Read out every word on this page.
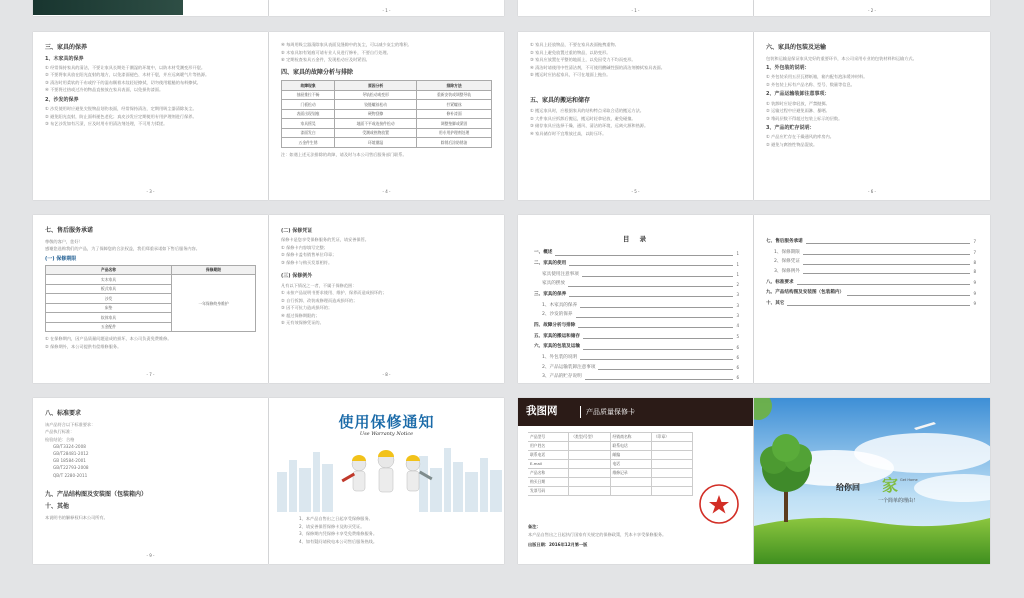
- 1 -	- 1 -	- 2 -
三、家具的保养
1、木家具的保养
① 经常保持家具的清洁，不要让家具长期处于潮湿的环境中，以防木材受潮变形开裂。
② 不要将家具放在阳光直射的地方，以免漆面褪色、木材干裂，并应远离暖气片等热源。
③ 清洁时用柔软的干布或拧干的湿布顺着木纹轻轻擦拭，切勿使用粗糙的布料擦拭。
④ 不要将过热或过冷的物品直接放在家具表面，以免损伤漆面。
2、沙发的保养
① 沙发使用时应避免尖锐物品划伤表面，经常保持清洁，定期用吸尘器清除灰尘。
② 避免阳光直射，防止面料褪色老化；真皮沙发应定期使用专用护理剂进行保养。
③ 布艺沙发如有污渍，应及时用专用清洁剂处理，不可用力揉搓。
- 3 -
④ 每周用吸尘器清除家具表面及缝隙中的灰尘，可以减少灰尘的堆积。
⑤ 木家具如有划痕可请专业人员进行修补，不要自行处理。
⑥ 定期检查家具五金件，发现松动应及时紧固。
四、家具的故障分析与排除
故障现象	原因分析	排除方法
抽屉推拉不畅	导轨松动或变形	重新安装或调整导轨
门板松动	铰链螺丝松动	拧紧螺丝
表面出现划痕	硬物刮擦	修补漆面
家具摇晃	地面不平或连接件松动	调整垫脚或紧固
漆面发白	受潮或热物放置	用专用护理剂处理
五金件生锈	环境潮湿	除锈后涂防锈油
注：如遇上述无法排除的故障，请及时与本公司售后服务部门联系。
- 4 -
① 家具上轻放物品，不要在家具表面拖拽重物。
② 家具上避免放置过重的物品，以防变形。
③ 家具应放置在平整的地面上，以免因受力不均而变形。
④ 清洁时请使用中性清洁剂，不可使用酸碱性强的清洁剂擦拭家具表面。
⑤ 搬运时应抬起家具，不可在地面上拖拉。
五、家具的搬运和储存
① 搬运家具时，应根据家具的结构特点采取合适的搬运方法。
② 大件家具应拆卸后搬运，搬运时轻拿轻放，避免碰撞。
③ 储存家具应选择干燥、通风、清洁的环境，远离火源和热源。
④ 家具储存时不宜堆放过高，以防压坏。
- 5 -
六、家具的包装及运输
包装和运输是保证家具完好的重要环节，本公司采用专业的包装材料和运输方式。
1、外包装的说明：
① 外包装采用五层瓦楞纸箱，箱内配有泡沫缓冲材料。
② 外包装上标有产品名称、型号、数量等信息。
2、产品运输装卸注意事项：
① 装卸时应轻拿轻放，严禁抛掷。
② 运输过程中应避免雨淋、暴晒。
③ 堆码层数不得超过包装上标示的层数。
3、产品的贮存说明：
① 产品应贮存在干燥通风的库房内。
② 避免与腐蚀性物品混放。
- 6 -
七、售后服务承诺
尊敬的客户，您好！
感谢您选购我们的产品，为了保障您的合法权益，我们郑重承诺如下售后服务内容。
(一) 保修期限
产品名称	保修期限
实木家具	一年保修终身维护
板式家具	
沙发	
床垫	
软体家具	
五金配件	
① 在保修期内，因产品质量问题造成的损坏，本公司负责免费维修。
② 保修期外，本公司提供有偿维修服务。
- 7 -
(二) 保修凭证
保修卡是您享受保修服务的凭证，请妥善保管。
① 保修卡内容填写完整；
② 保修卡盖有销售单位印章；
③ 保修卡与购买发票相符。
(三) 保修例外
凡有以下情况之一者，不属于保修范围：
① 未按产品说明书要求使用、维护、保养而造成损坏的；
② 自行拆卸、改装或修理而造成损坏的；
③ 因不可抗力造成损坏的；
④ 超过保修期限的；
⑤ 无有效保修凭证的。
- 8 -
目 录
一、概述	1
二、家具的使用	1
家具使用注意事项	1
家具的摆放	2
三、家具的保养	3
1、木家具的保养	3
2、沙发的保养	3
四、故障分析与排除	4
五、家具的搬运和储存	5
六、家具的包装及运输	6
1、外包装的说明	6
2、产品运输装卸注意事项	6
3、产品的贮存说明	6
七、售后服务承诺	7
1、保修期限	7
2、保修凭证	8
3、保修例外	8
八、标准要求	9
九、产品结构图及安装图（包装箱内）	9
十、其它	9
八、标准要求
该产品符合以下标准要求：
产品执行标准：
检验结论：合格
GB/T3324-2008
GB/T28481-2012
GB 18584-2001
GB/T22793-2008
QB/T 2280-2011
九、产品结构图及安装图（包装箱内）
十、其他
本说明书的解释权归本公司所有。
- 9 -
使用保修通知
Use Warranty Notice
1、本产品自售出之日起享受保修服务。
2、请妥善保管保修卡及购买凭证。
3、保修期内凭保修卡享受免费维修服务。
4、如有疑问请致电本公司售后服务热线。
我图网	产品质量保修卡
产品型号	（类型/号型）	经销商名称	（印章）
用户姓名	联系电话
联系电话	邮编
E-mail	电话
产品名称	维修记录
购买日期
发票号码
备注：
本产品自售出之日起执行国家有关规定的保修政策，凭本卡享受保修服务。
出版日期：2016年12月第一版
给你回 家 Get Home
一个简单的理由！
